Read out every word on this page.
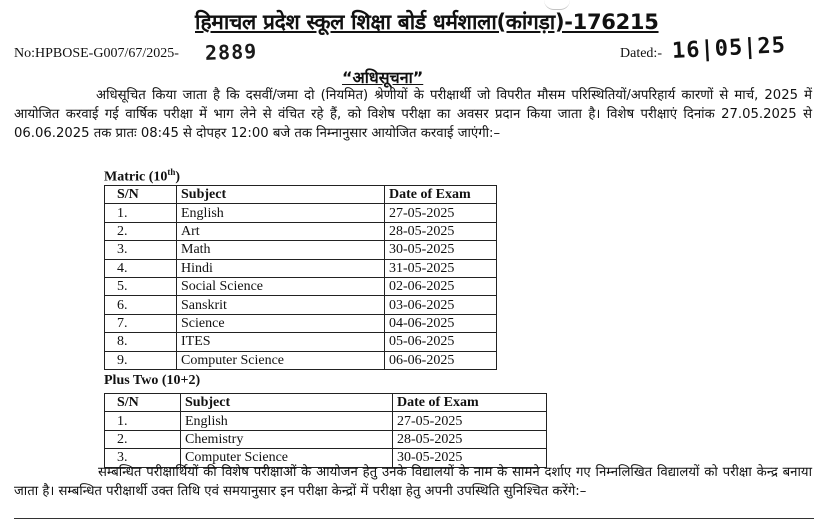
हिमाचल प्रदेश स्कूल शिक्षा बोर्ड धर्मशाला(कांगड़ा)-176215
No:HPBOSE-G007/67/2025- 2889	Dated:- 16|05|25
“अधिसूचना”

अधिसूचित किया जाता है कि दसवीं/जमा दो (नियमित) श्रेणीयों के परीक्षार्थी जो विपरीत मौसम परिस्थितियों/अपरिहार्य कारणों से मार्च, 2025 में आयोजित करवाई गई वार्षिक परीक्षा में भाग लेने से वंचित रहे हैं, को विशेष परीक्षा का अवसर प्रदान किया जाता है। विशेष परीक्षाएं दिनांक 27.05.2025 से 06.06.2025 तक प्रातः 08:45 से दोपहर 12:00 बजे तक निम्नानुसार आयोजित करवाई जाएंगी:–

Matric (10th)
S/N	Subject	Date of Exam
1.	English	27-05-2025
2.	Art	28-05-2025
3.	Math	30-05-2025
4.	Hindi	31-05-2025
5.	Social Science	02-06-2025
6.	Sanskrit	03-06-2025
7.	Science	04-06-2025
8.	ITES	05-06-2025
9.	Computer Science	06-06-2025
Plus Two (10+2)
S/N	Subject	Date of Exam
1.	English	27-05-2025
2.	Chemistry	28-05-2025
3.	Computer Science	30-05-2025

सम्बन्धित परीक्षार्थियों की विशेष परीक्षाओं के आयोजन हेतु उनके विद्यालयों के नाम के सामने दर्शाए गए निम्नलिखित विद्यालयों को परीक्षा केन्द्र बनाया जाता है। सम्बन्धित परीक्षार्थी उक्त तिथि एवं समयानुसार इन परीक्षा केन्द्रों में परीक्षा हेतु अपनी उपस्थिति सुनिश्चित करेंगे:–
